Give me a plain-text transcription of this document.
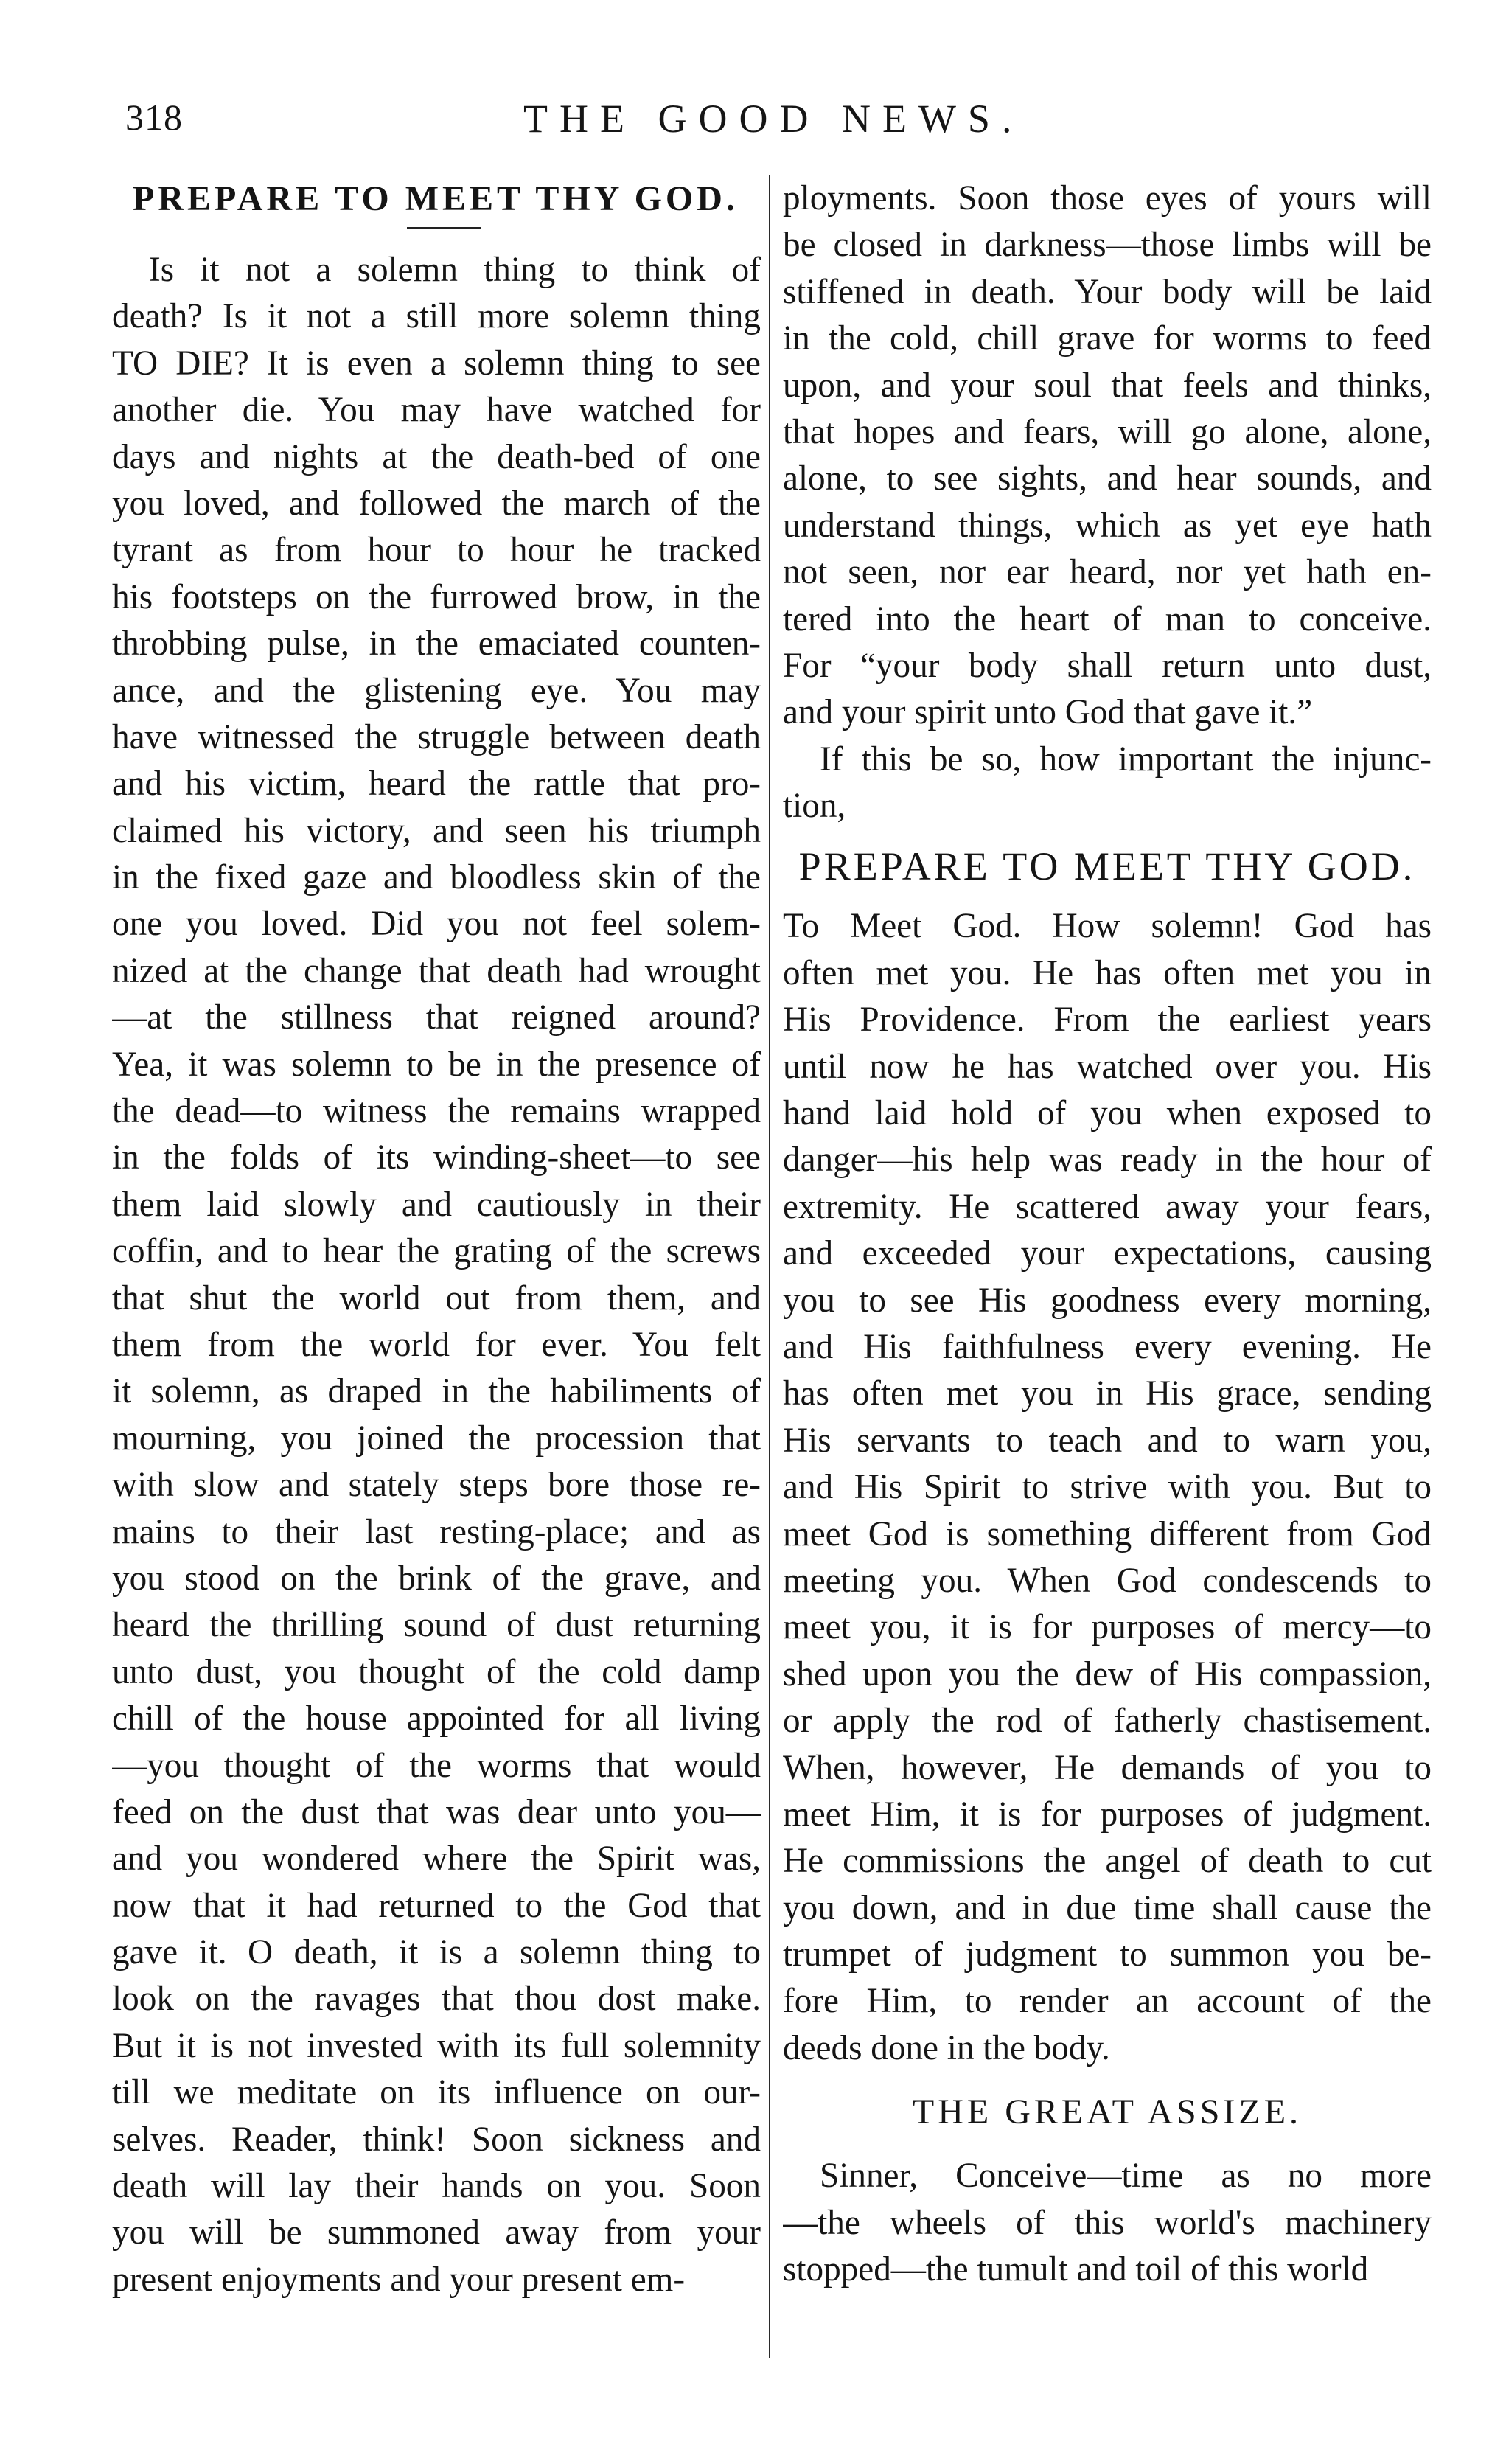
318	THE GOOD NEWS.
PREPARE TO MEET THY GOD.
Is it not a solemn thing to think of
death? Is it not a still more solemn thing
TO DIE? It is even a solemn thing to see
another die. You may have watched for
days and nights at the death-bed of one
you loved, and followed the march of the
tyrant as from hour to hour he tracked
his footsteps on the furrowed brow, in the
throbbing pulse, in the emaciated counten-
ance, and the glistening eye. You may
have witnessed the struggle between death
and his victim, heard the rattle that pro-
claimed his victory, and seen his triumph
in the fixed gaze and bloodless skin of the
one you loved. Did you not feel solem-
nized at the change that death had wrought
—at the stillness that reigned around?
Yea, it was solemn to be in the presence of
the dead—to witness the remains wrapped
in the folds of its winding-sheet—to see
them laid slowly and cautiously in their
coffin, and to hear the grating of the screws
that shut the world out from them, and
them from the world for ever. You felt
it solemn, as draped in the habiliments of
mourning, you joined the procession that
with slow and stately steps bore those re-
mains to their last resting-place; and as
you stood on the brink of the grave, and
heard the thrilling sound of dust returning
unto dust, you thought of the cold damp
chill of the house appointed for all living
—you thought of the worms that would
feed on the dust that was dear unto you—
and you wondered where the Spirit was,
now that it had returned to the God that
gave it. O death, it is a solemn thing to
look on the ravages that thou dost make.
But it is not invested with its full solemnity
till we meditate on its influence on our-
selves. Reader, think! Soon sickness and
death will lay their hands on you. Soon
you will be summoned away from your
present enjoyments and your present em-
ployments. Soon those eyes of yours will
be closed in darkness—those limbs will be
stiffened in death. Your body will be laid
in the cold, chill grave for worms to feed
upon, and your soul that feels and thinks,
that hopes and fears, will go alone, alone,
alone, to see sights, and hear sounds, and
understand things, which as yet eye hath
not seen, nor ear heard, nor yet hath en-
tered into the heart of man to conceive.
For “your body shall return unto dust,
and your spirit unto God that gave it.”
If this be so, how important the injunc-
tion,
PREPARE TO MEET THY GOD.
To Meet God. How solemn! God has
often met you. He has often met you in
His Providence. From the earliest years
until now he has watched over you. His
hand laid hold of you when exposed to
danger—his help was ready in the hour of
extremity. He scattered away your fears,
and exceeded your expectations, causing
you to see His goodness every morning,
and His faithfulness every evening. He
has often met you in His grace, sending
His servants to teach and to warn you,
and His Spirit to strive with you. But to
meet God is something different from God
meeting you. When God condescends to
meet you, it is for purposes of mercy—to
shed upon you the dew of His compassion,
or apply the rod of fatherly chastisement.
When, however, He demands of you to
meet Him, it is for purposes of judgment.
He commissions the angel of death to cut
you down, and in due time shall cause the
trumpet of judgment to summon you be-
fore Him, to render an account of the
deeds done in the body.
THE GREAT ASSIZE.
Sinner, Conceive—time as no more
—the wheels of this world's machinery
stopped—the tumult and toil of this world
